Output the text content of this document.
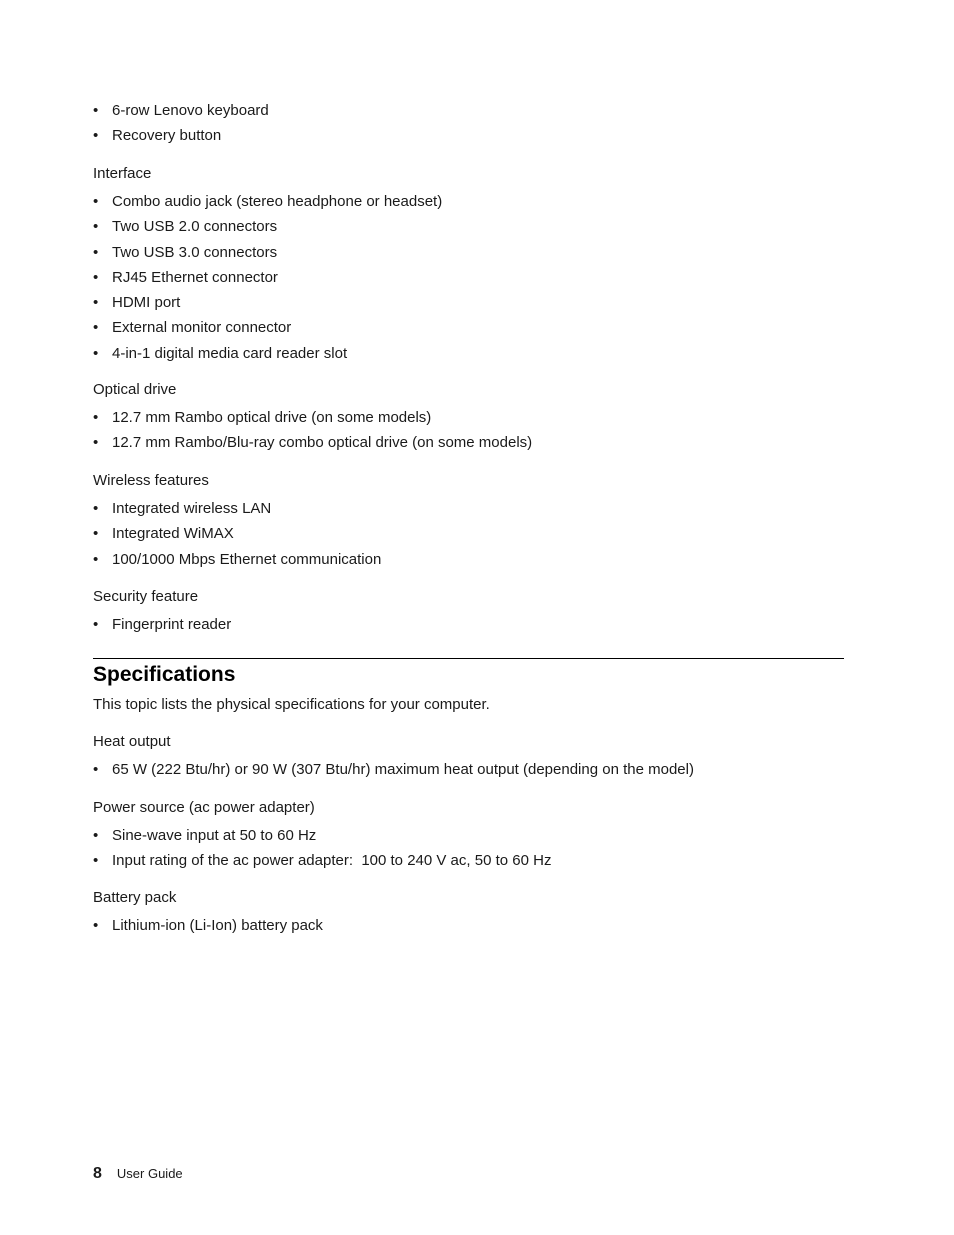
• 6-row Lenovo keyboard
• Recovery button

Interface

• Combo audio jack (stereo headphone or headset)
• Two USB 2.0 connectors
• Two USB 3.0 connectors
• RJ45 Ethernet connector
• HDMI port
• External monitor connector
• 4-in-1 digital media card reader slot

Optical drive

• 12.7 mm Rambo optical drive (on some models)
• 12.7 mm Rambo/Blu-ray combo optical drive (on some models)

Wireless features

• Integrated wireless LAN
• Integrated WiMAX
• 100/1000 Mbps Ethernet communication

Security feature

• Fingerprint reader
Specifications

This topic lists the physical specifications for your computer.

Heat output

• 65 W (222 Btu/hr) or 90 W (307 Btu/hr) maximum heat output (depending on the model)

Power source (ac power adapter)

• Sine-wave input at 50 to 60 Hz
• Input rating of the ac power adapter:  100 to 240 V ac, 50 to 60 Hz

Battery pack

• Lithium-ion (Li-Ion) battery pack
8 User Guide
